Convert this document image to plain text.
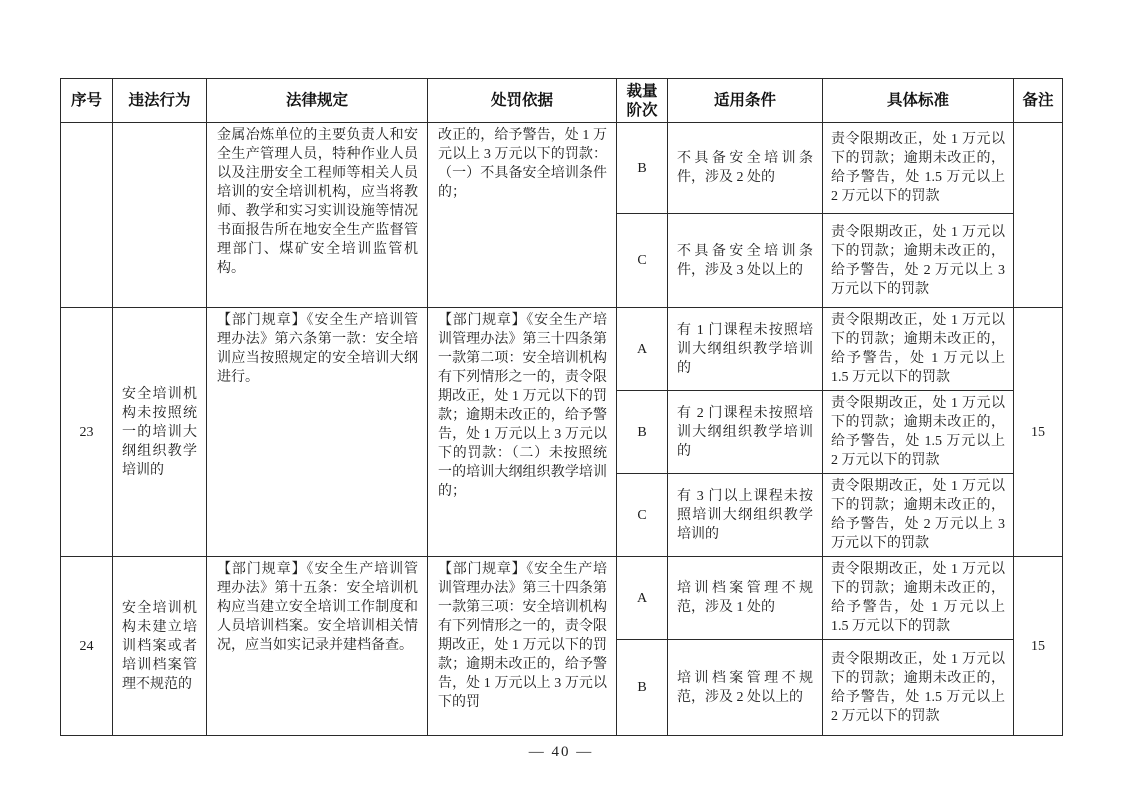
序号	违法行为	法律规定	处罚依据	裁量阶次	适用条件	具体标准	备注
		金属冶炼单位的主要负责人和安全生产管理人员，特种作业人员以及注册安全工程师等相关人员培训的安全培训机构，应当将教师、教学和实习实训设施等情况书面报告所在地安全生产监督管理部门、煤矿安全培训监管机构。	改正的，给予警告，处 1 万元以上 3 万元以下的罚款：（一）不具备安全培训条件的；	B	不具备安全培训条件，涉及 2 处的	责令限期改正，处 1 万元以下的罚款；逾期未改正的，给予警告，处 1.5 万元以上 2 万元以下的罚款	
				C	不具备安全培训条件，涉及 3 处以上的	责令限期改正，处 1 万元以下的罚款；逾期未改正的，给予警告，处 2 万元以上 3 万元以下的罚款	
23	安全培训机构未按照统一的培训大纲组织教学培训的	【部门规章】《安全生产培训管理办法》第六条第一款：安全培训应当按照规定的安全培训大纲进行。	【部门规章】《安全生产培训管理办法》第三十四条第一款第二项：安全培训机构有下列情形之一的，责令限期改正，处 1 万元以下的罚款；逾期未改正的，给予警告，处 1 万元以上 3 万元以下的罚款：（二）未按照统一的培训大纲组织教学培训的；	A	有 1 门课程未按照培训大纲组织教学培训的	责令限期改正，处 1 万元以下的罚款；逾期未改正的，给予警告，处 1 万元以上 1.5 万元以下的罚款	15
				B	有 2 门课程未按照培训大纲组织教学培训的	责令限期改正，处 1 万元以下的罚款；逾期未改正的，给予警告，处 1.5 万元以上 2 万元以下的罚款	
				C	有 3 门以上课程未按照培训大纲组织教学培训的	责令限期改正，处 1 万元以下的罚款；逾期未改正的，给予警告，处 2 万元以上 3 万元以下的罚款	
24	安全培训机构未建立培训档案或者培训档案管理不规范的	【部门规章】《安全生产培训管理办法》第十五条：安全培训机构应当建立安全培训工作制度和人员培训档案。安全培训相关情况，应当如实记录并建档备查。	【部门规章】《安全生产培训管理办法》第三十四条第一款第三项：安全培训机构有下列情形之一的，责令限期改正，处 1 万元以下的罚款；逾期未改正的，给予警告，处 1 万元以上 3 万元以下的罚	A	培训档案管理不规范，涉及 1 处的	责令限期改正，处 1 万元以下的罚款；逾期未改正的，给予警告，处 1 万元以上 1.5 万元以下的罚款	15
				B	培训档案管理不规范，涉及 2 处以上的	责令限期改正，处 1 万元以下的罚款；逾期未改正的，给予警告，处 1.5 万元以上 2 万元以下的罚款	
— 40 —
